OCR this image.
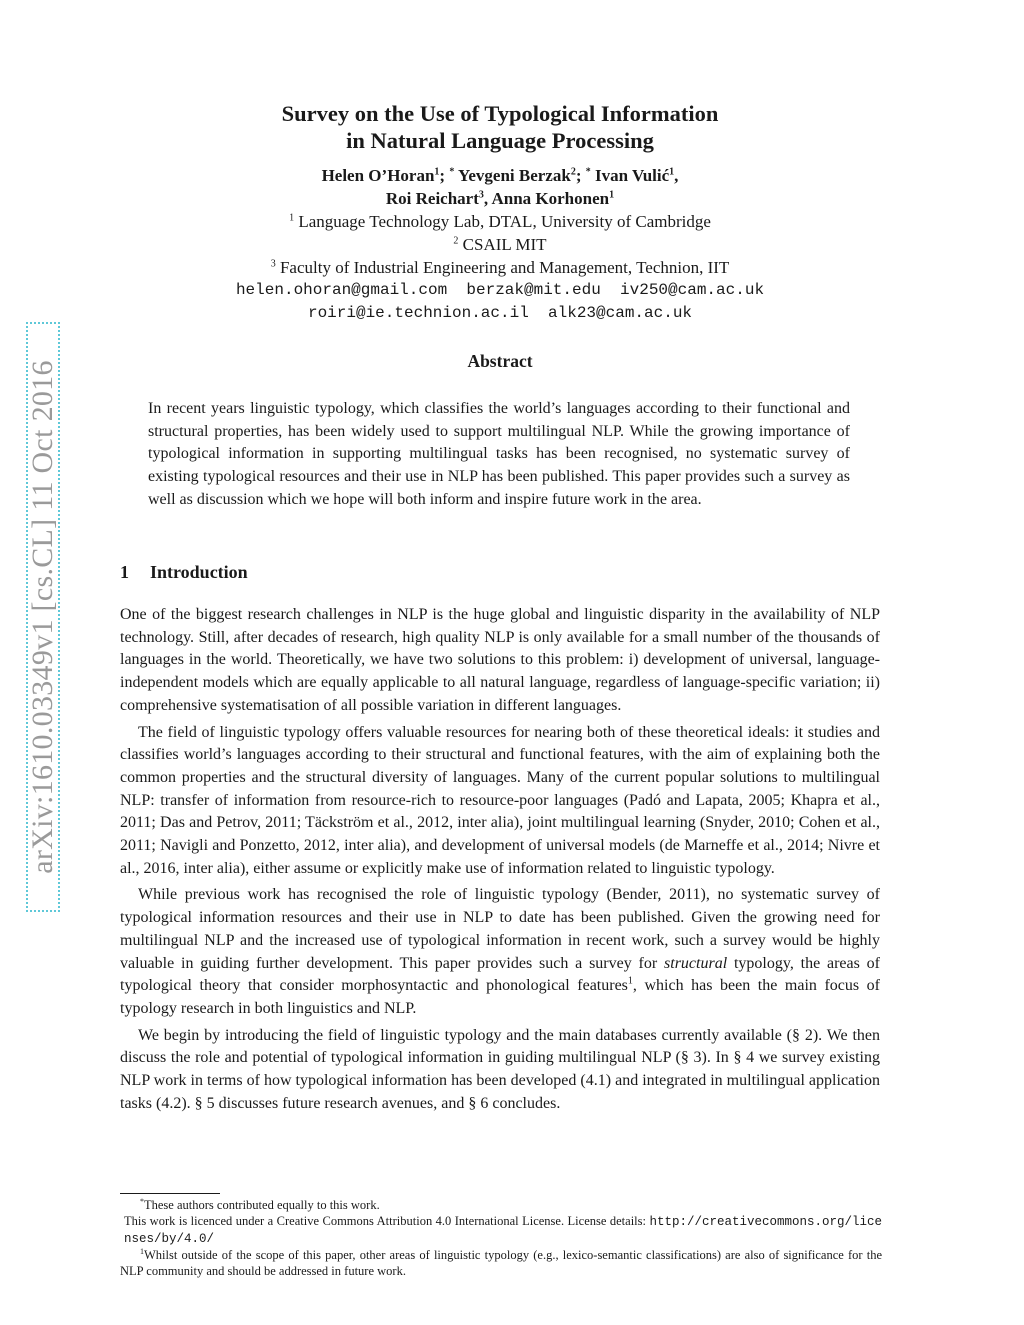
arXiv:1610.03349v1 [cs.CL] 11 Oct 2016
Survey on the Use of Typological Information
in Natural Language Processing
Helen O’Horan$^1$; * Yevgeni Berzak$^2$; * Ivan Vulić$^1$,
Roi Reichart$^3$, Anna Korhonen$^1$
$^1$ Language Technology Lab, DTAL, University of Cambridge
$^2$ CSAIL MIT
$^3$ Faculty of Industrial Engineering and Management, Technion, IIT
helen.ohoran@gmail.com  berzak@mit.edu  iv250@cam.ac.uk
roiri@ie.technion.ac.il  alk23@cam.ac.uk
Abstract

In recent years linguistic typology, which classifies the world’s languages according to their functional and structural properties, has been widely used to support multilingual NLP. While the growing importance of typological information in supporting multilingual tasks has been recognised, no systematic survey of existing typological resources and their use in NLP has been published. This paper provides such a survey as well as discussion which we hope will both inform and inspire future work in the area.

1 Introduction

One of the biggest research challenges in NLP is the huge global and linguistic disparity in the availability of NLP technology. Still, after decades of research, high quality NLP is only available for a small number of the thousands of languages in the world. Theoretically, we have two solutions to this problem: i) development of universal, language-independent models which are equally applicable to all natural language, regardless of language-specific variation; ii) comprehensive systematisation of all possible variation in different languages.

The field of linguistic typology offers valuable resources for nearing both of these theoretical ideals: it studies and classifies world’s languages according to their structural and functional features, with the aim of explaining both the common properties and the structural diversity of languages. Many of the current popular solutions to multilingual NLP: transfer of information from resource-rich to resource-poor languages (Padó and Lapata, 2005; Khapra et al., 2011; Das and Petrov, 2011; Täckström et al., 2012, inter alia), joint multilingual learning (Snyder, 2010; Cohen et al., 2011; Navigli and Ponzetto, 2012, inter alia), and development of universal models (de Marneffe et al., 2014; Nivre et al., 2016, inter alia), either assume or explicitly make use of information related to linguistic typology.

While previous work has recognised the role of linguistic typology (Bender, 2011), no systematic survey of typological information resources and their use in NLP to date has been published. Given the growing need for multilingual NLP and the increased use of typological information in recent work, such a survey would be highly valuable in guiding further development. This paper provides such a survey for structural typology, the areas of typological theory that consider morphosyntactic and phonological features$^1$, which has been the main focus of typology research in both linguistics and NLP.

We begin by introducing the field of linguistic typology and the main databases currently available (§ 2). We then discuss the role and potential of typological information in guiding multilingual NLP (§ 3). In § 4 we survey existing NLP work in terms of how typological information has been developed (4.1) and integrated in multilingual application tasks (4.2). § 5 discusses future research avenues, and § 6 concludes.

*These authors contributed equally to this work.

This work is licenced under a Creative Commons Attribution 4.0 International License. License details: http://creativecommons.org/licenses/by/4.0/

$^1$Whilst outside of the scope of this paper, other areas of linguistic typology (e.g., lexico-semantic classifications) are also of significance for the NLP community and should be addressed in future work.
